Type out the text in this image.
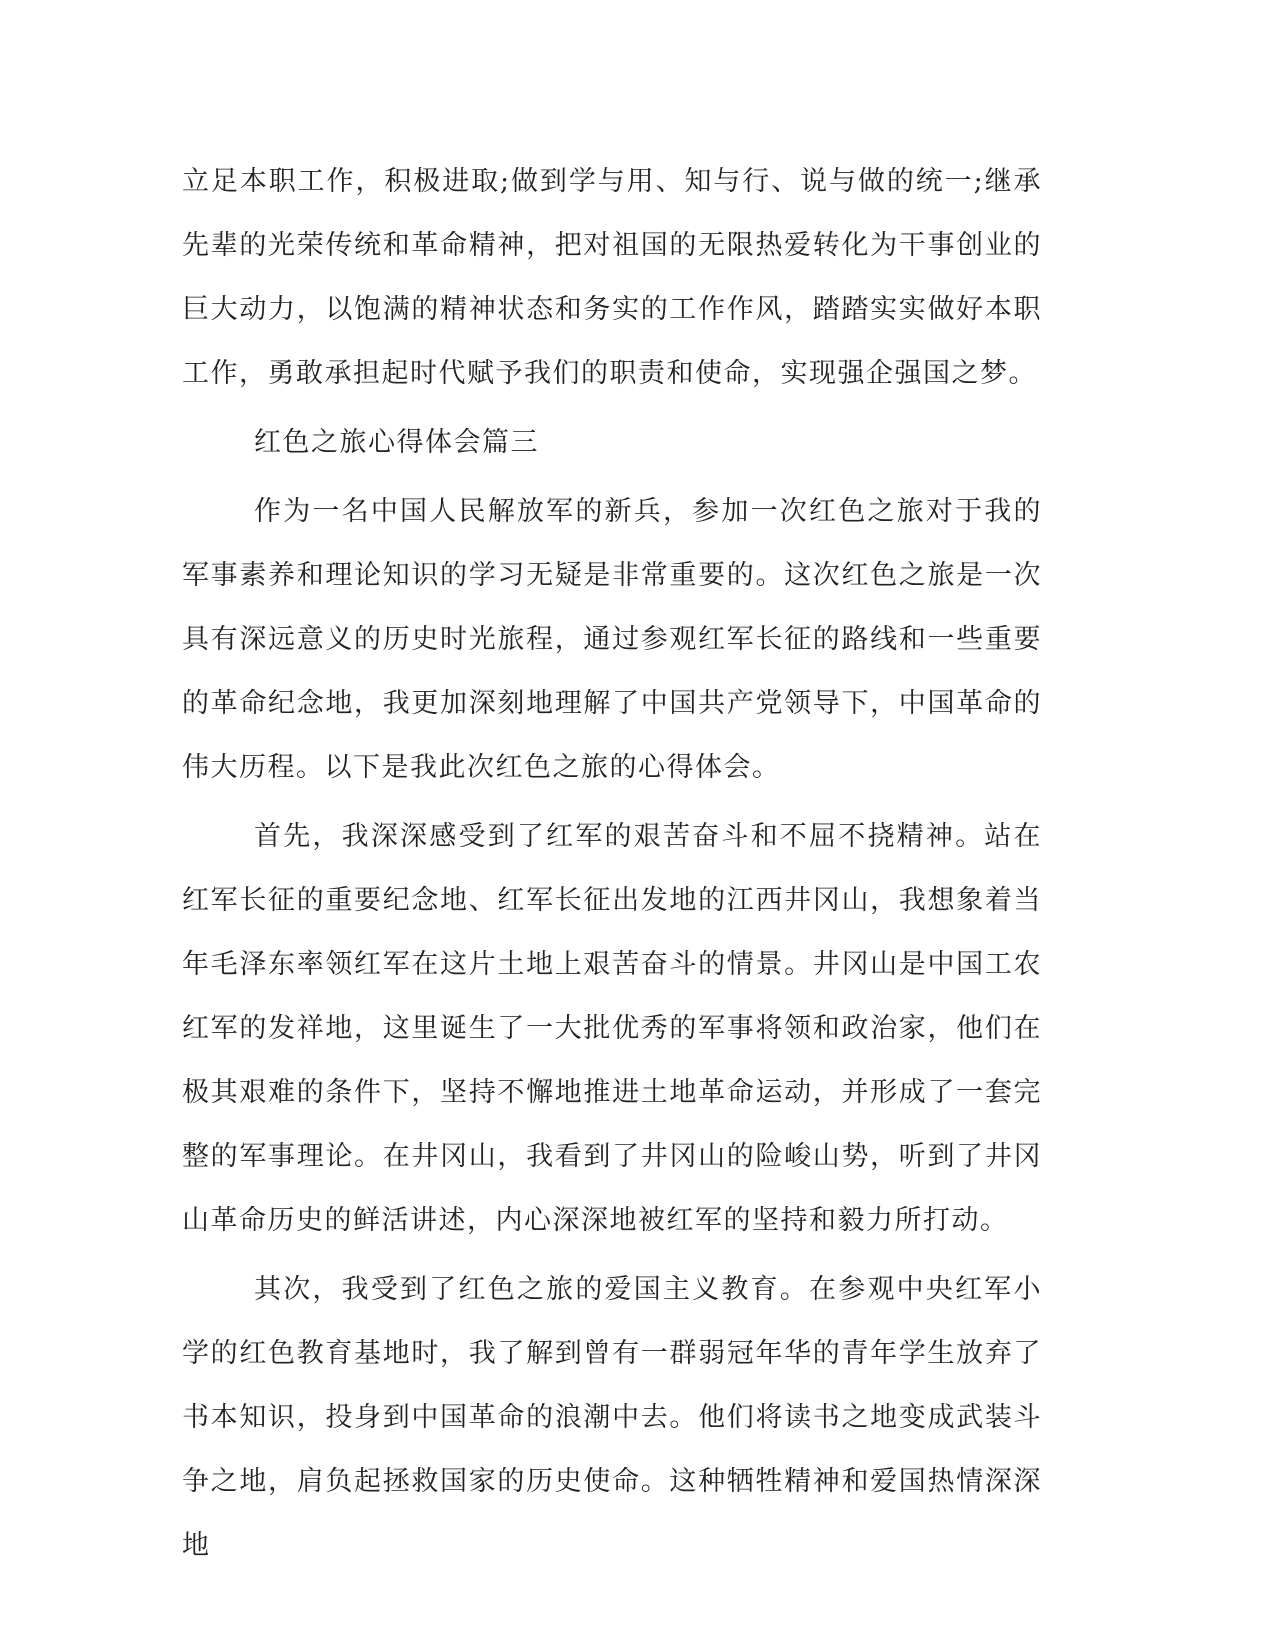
立足本职工作，积极进取;做到学与用、知与行、说与做的统一;继承先辈的光荣传统和革命精神，把对祖国的无限热爱转化为干事创业的巨大动力，以饱满的精神状态和务实的工作作风，踏踏实实做好本职工作，勇敢承担起时代赋予我们的职责和使命，实现强企强国之梦。

红色之旅心得体会篇三

作为一名中国人民解放军的新兵，参加一次红色之旅对于我的军事素养和理论知识的学习无疑是非常重要的。这次红色之旅是一次具有深远意义的历史时光旅程，通过参观红军长征的路线和一些重要的革命纪念地，我更加深刻地理解了中国共产党领导下，中国革命的伟大历程。以下是我此次红色之旅的心得体会。

首先，我深深感受到了红军的艰苦奋斗和不屈不挠精神。站在红军长征的重要纪念地、红军长征出发地的江西井冈山，我想象着当年毛泽东率领红军在这片土地上艰苦奋斗的情景。井冈山是中国工农红军的发祥地，这里诞生了一大批优秀的军事将领和政治家，他们在极其艰难的条件下，坚持不懈地推进土地革命运动，并形成了一套完整的军事理论。在井冈山，我看到了井冈山的险峻山势，听到了井冈山革命历史的鲜活讲述，内心深深地被红军的坚持和毅力所打动。

其次，我受到了红色之旅的爱国主义教育。在参观中央红军小学的红色教育基地时，我了解到曾有一群弱冠年华的青年学生放弃了书本知识，投身到中国革命的浪潮中去。他们将读书之地变成武装斗争之地，肩负起拯救国家的历史使命。这种牺牲精神和爱国热情深深地
